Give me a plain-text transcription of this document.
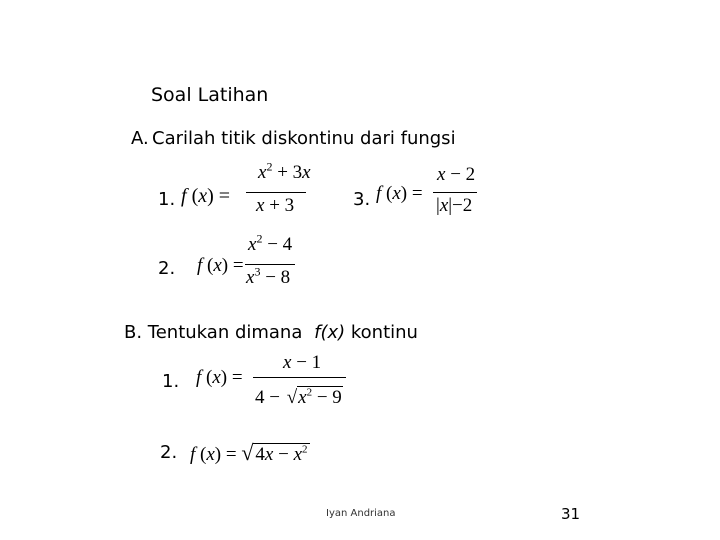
Soal Latihan
A. Carilah titik diskontinu dari fungsi
1. f (x) =
$x^2 + 3x$
x + 3	3. f (x) =
x − 2
|x|−2
2. f (x) =
$x^2 - 4$
$x^3 - 8$
B. Tentukan dimana f(x) kontinu
1. f (x) =
x − 1
$4 - √x^2 - 9$
2. f (x) = √ $4x - x^2$
Iyan Andriana	31
